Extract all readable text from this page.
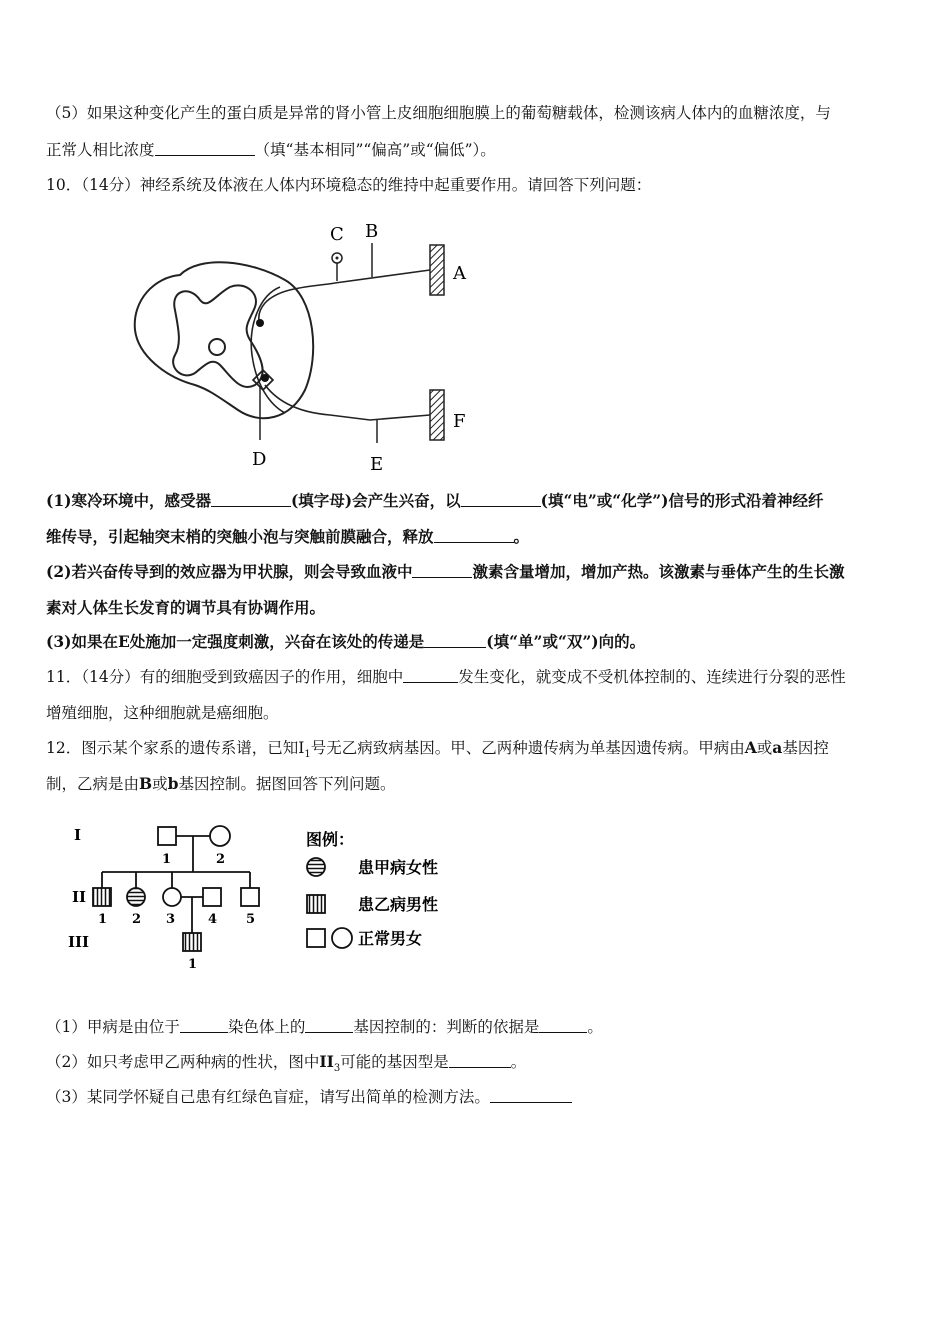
（5）如果这种变化产生的蛋白质是异常的肾小管上皮细胞细胞膜上的葡萄糖载体，检测该病人体内的血糖浓度，与
正常人相比浓度	（填“基本相同”“偏高”或“偏低”）。
10．（14分）神经系统及体液在人体内环境稳态的维持中起重要作用。请回答下列问题：
C B
A
F
D	E
(1)寒冷环境中，感受器	(填字母)会产生兴奋，以	(填“电”或“化学”)信号的形式沿着神经纤
维传导，引起轴突末梢的突触小泡与突触前膜融合，释放	。
(2)若兴奋传导到的效应器为甲状腺，则会导致血液中	激素含量增加，增加产热。该激素与垂体产生的生长激
素对人体生长发育的调节具有协调作用。
(3)如果在E处施加一定强度刺激，兴奋在该处的传递是	(填“单”或“双”)向的。
11．（14分）有的细胞受到致癌因子的作用，细胞中	发生变化，就变成不受机体控制的、连续进行分裂的恶性
增殖细胞，这种细胞就是癌细胞。
12．图示某个家系的遗传系谱，已知$Ⅰ_1$号无乙病致病基因。甲、乙两种遗传病为单基因遗传病。甲病由A或a基因控
制，乙病是由B或b基因控制。据图回答下列问题。
I
II
III
1	2
1 2 3	4 5
1
图例：
患甲病女性
患乙病男性
正常男女
（1）甲病是由位于	染色体上的	基因控制的：判断的依据是	。
（2）如只考虑甲乙两种病的性状，图中$II_3$可能的基因型是	。
（3）某同学怀疑自己患有红绿色盲症，请写出简单的检测方法。
